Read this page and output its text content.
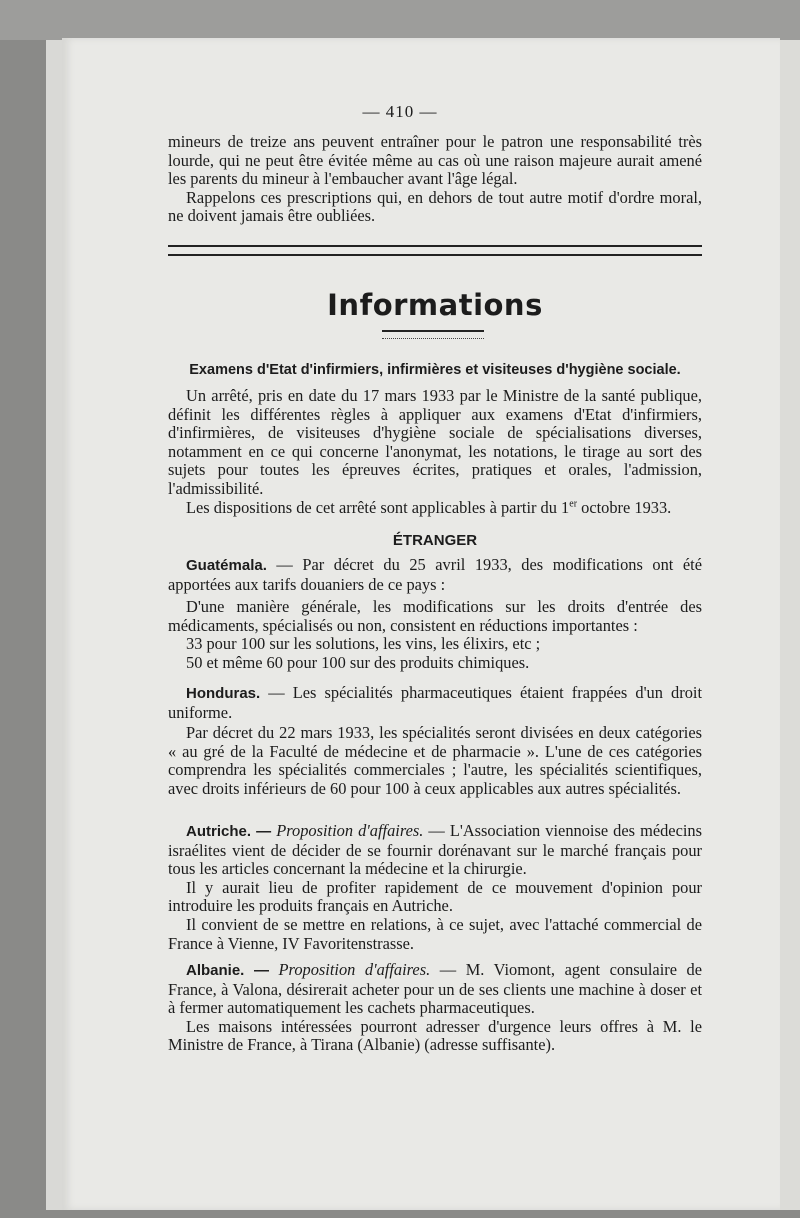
— 410 —

mineurs de treize ans peuvent entraîner pour le patron une responsabilité très lourde, qui ne peut être évitée même au cas où une raison majeure aurait amené les parents du mineur à l'embaucher avant l'âge légal.

Rappelons ces prescriptions qui, en dehors de tout autre motif d'ordre moral, ne doivent jamais être oubliées.

Informations
Examens d'Etat d'infirmiers, infirmières et visiteuses d'hygiène sociale.

Un arrêté, pris en date du 17 mars 1933 par le Ministre de la santé publique, définit les différentes règles à appliquer aux examens d'Etat d'infirmiers, d'infirmières, de visiteuses d'hygiène sociale de spécialisations diverses, notamment en ce qui concerne l'anonymat, les notations, le tirage au sort des sujets pour toutes les épreuves écrites, pratiques et orales, l'admission, l'admissibilité.

Les dispositions de cet arrêté sont applicables à partir du 1er octobre 1933.

ÉTRANGER

Guatémala. — Par décret du 25 avril 1933, des modifications ont été apportées aux tarifs douaniers de ce pays :

D'une manière générale, les modifications sur les droits d'entrée des médicaments, spécialisés ou non, consistent en réductions importantes :

33 pour 100 sur les solutions, les vins, les élixirs, etc ;

50 et même 60 pour 100 sur des produits chimiques.

Honduras. — Les spécialités pharmaceutiques étaient frappées d'un droit uniforme.

Par décret du 22 mars 1933, les spécialités seront divisées en deux catégories « au gré de la Faculté de médecine et de pharmacie ». L'une de ces catégories comprendra les spécialités commerciales ; l'autre, les spécialités scientifiques, avec droits inférieurs de 60 pour 100 à ceux applicables aux autres spécialités.

Autriche. — Proposition d'affaires. — L'Association viennoise des médecins israélites vient de décider de se fournir dorénavant sur le marché français pour tous les articles concernant la médecine et la chirurgie.

Il y aurait lieu de profiter rapidement de ce mouvement d'opinion pour introduire les produits français en Autriche.

Il convient de se mettre en relations, à ce sujet, avec l'attaché commercial de France à Vienne, IV Favoritenstrasse.

Albanie. — Proposition d'affaires. — M. Viomont, agent consulaire de France, à Valona, désirerait acheter pour un de ses clients une machine à doser et à fermer automatiquement les cachets pharmaceutiques.

Les maisons intéressées pourront adresser d'urgence leurs offres à M. le Ministre de France, à Tirana (Albanie) (adresse suffisante).
